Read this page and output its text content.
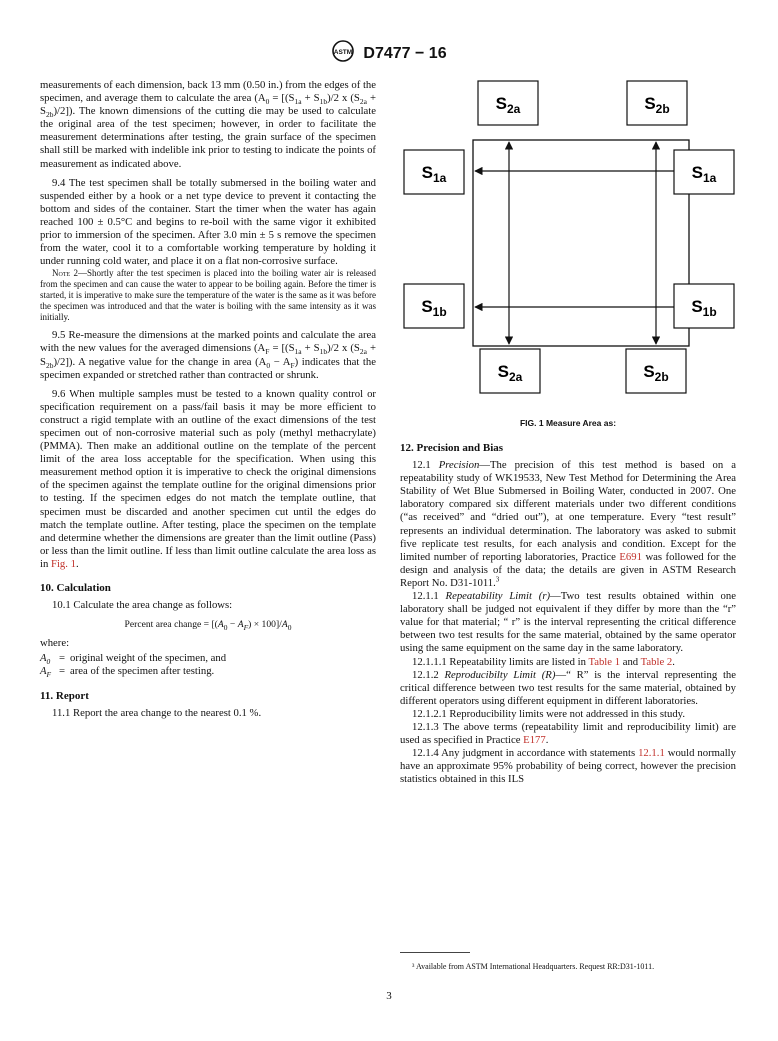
ASTM D7477 − 16

measurements of each dimension, back 13 mm (0.50 in.) from the edges of the specimen, and average them to calculate the area ($A_0 = [(S_{1a} + S_{1b})/2$ x $(S_{2a} + S_{2b})/2$]). The known dimensions of the cutting die may be used to calculate the original area of the test specimen; however, in order to facilitate the measurement determinations after testing, the grain surface of the specimen shall still be marked with indelible ink prior to testing to indicate the points of measurement as indicated above.

9.4 The test specimen shall be totally submersed in the boiling water and suspended either by a hook or a net type device to prevent it contacting the bottom and sides of the container. Start the timer when the water has again reached 100 ± 0.5°C and begins to re-boil with the same vigor it exhibited prior to immersion of the specimen. After 3.0 min ± 5 s remove the specimen from the water, cool it to a comfortable working temperature by holding it under running cold water, and place it on a flat non-corrosive surface.

Note 2—Shortly after the test specimen is placed into the boiling water air is released from the specimen and can cause the water to appear to be boiling again. Before the timer is started, it is imperative to make sure the temperature of the water is the same as it was before the specimen was introduced and that the water is boiling with the same intensity as it was initially.

9.5 Re-measure the dimensions at the marked points and calculate the area with the new values for the averaged dimensions ($A_F = [(S_{1a} + S_{1b})/2$ x $(S_{2a} + S_{2b})/2$]). A negative value for the change in area $(A_0 - A_F)$ indicates that the specimen expanded or stretched rather than contracted or shrunk.

9.6 When multiple samples must be tested to a known quality control or specification requirement on a pass/fail basis it may be more efficient to construct a rigid template with an outline of the exact dimensions of the test specimen out of non-corrosive material such as poly (methyl methacrylate) (PMMA). Then make an additional outline on the template of the percent limit of the area loss acceptable for the specification. When using this measurement method option it is imperative to check the original dimensions of the specimen against the template outline for the original dimensions prior to testing. If the specimen edges do not match the template outline, that specimen must be discarded and another specimen cut until the edges do match the template outline. After testing, place the specimen on the template and determine whether the dimensions are greater than the limit outline (Pass) or less than the limit outline. If less than limit outline calculate the area loss as in Fig. 1.

10. Calculation

10.1 Calculate the area change as follows:

Percent area change = $[(A_0 - A_F) \times 100]/A_0$

where:

$A_0$ = original weight of the specimen, and
$A_F$ = area of the specimen after testing.

11. Report

11.1 Report the area change to the nearest 0.1 %.

$S_{2a}$	$S_{2b}$
$S_{1a}$	$S_{1a}$
$S_{1b}$	$S_{1b}$
$S_{2a}$	$S_{2b}$
FIG. 1 Measure Area as:

12. Precision and Bias

12.1 Precision—The precision of this test method is based on a repeatability study of WK19533, New Test Method for Determining the Area Stability of Wet Blue Submersed in Boiling Water, conducted in 2007. One laboratory compared six different materials under two different conditions (“as received” and “dried out”), at one temperature. Every “test result” represents an individual determination. The laboratory was asked to submit five replicate test results, for each analysis and condition. Except for the limited number of reporting laboratories, Practice E691 was followed for the design and analysis of the data; the details are given in ASTM Research Report No. D31-1011.$^3$

12.1.1 Repeatability Limit (r)—Two test results obtained within one laboratory shall be judged not equivalent if they differ by more than the “r” value for that material; “ r” is the interval representing the critical difference between two test results for the same material, obtained by the same operator using the same equipment on the same day in the same laboratory.

12.1.1.1 Repeatability limits are listed in Table 1 and Table 2.

12.1.2 Reproducibilty Limit (R)—“ R” is the interval representing the critical difference between two test results for the same material, obtained by different operators using different equipment in different laboratories.

12.1.2.1 Reproducibility limits were not addressed in this study.

12.1.3 The above terms (repeatability limit and reproducibility limit) are used as specified in Practice E177.

12.1.4 Any judgment in accordance with statements 12.1.1 would normally have an approximate 95% probability of being correct, however the precision statistics obtained in this ILS

³ Available from ASTM International Headquarters. Request RR:D31-1011.
3
